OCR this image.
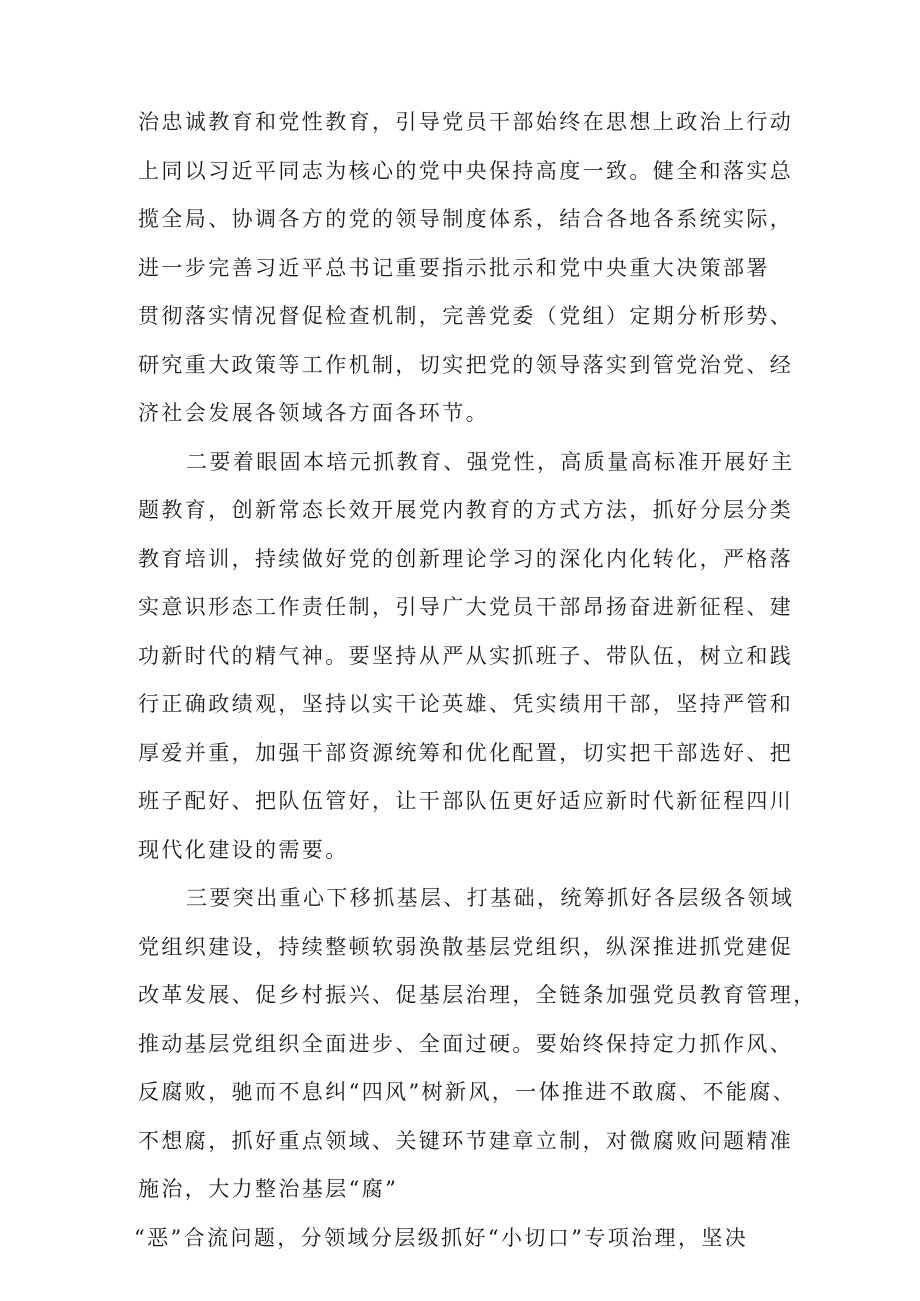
治忠诚教育和党性教育，引导党员干部始终在思想上政治上行动
上同以习近平同志为核心的党中央保持高度一致。健全和落实总
揽全局、协调各方的党的领导制度体系，结合各地各系统实际，
进一步完善习近平总书记重要指示批示和党中央重大决策部署
贯彻落实情况督促检查机制，完善党委（党组）定期分析形势、
研究重大政策等工作机制，切实把党的领导落实到管党治党、经
济社会发展各领域各方面各环节。
二要着眼固本培元抓教育、强党性，高质量高标准开展好主
题教育，创新常态长效开展党内教育的方式方法，抓好分层分类
教育培训，持续做好党的创新理论学习的深化内化转化，严格落
实意识形态工作责任制，引导广大党员干部昂扬奋进新征程、建
功新时代的精气神。要坚持从严从实抓班子、带队伍，树立和践
行正确政绩观，坚持以实干论英雄、凭实绩用干部，坚持严管和
厚爱并重，加强干部资源统筹和优化配置，切实把干部选好、把
班子配好、把队伍管好，让干部队伍更好适应新时代新征程四川
现代化建设的需要。
三要突出重心下移抓基层、打基础，统筹抓好各层级各领域
党组织建设，持续整顿软弱涣散基层党组织，纵深推进抓党建促
改革发展、促乡村振兴、促基层治理，全链条加强党员教育管理，
推动基层党组织全面进步、全面过硬。要始终保持定力抓作风、
反腐败，驰而不息纠“四风”树新风，一体推进不敢腐、不能腐、
不想腐，抓好重点领域、关键环节建章立制，对微腐败问题精准
施治，大力整治基层“腐”
“恶”合流问题，分领域分层级抓好“小切口”专项治理，坚决
